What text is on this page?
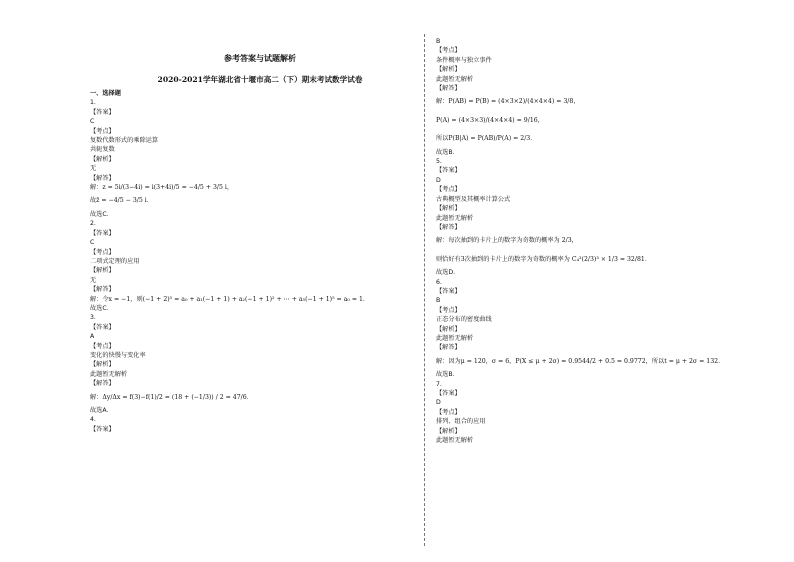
参考答案与试题解析
2020-2021学年湖北省十堰市高二（下）期末考试数学试卷
一、选择题
1.
【答案】
C
【考点】
复数代数形式的乘除运算
共轭复数
【解析】
无
【解答】
解：z = 5i/(3−4i) = i(3+4i)/5 = −4/5 + 3/5 i，
故z̄ = −4/5 − 3/5 i．
故选C．
2.
【答案】
C
【考点】
二项式定理的应用
【解析】
无
【解答】
解：令x = −1，则(−1 + 2)⁵ = a₀ + a₁(−1 + 1) + a₂(−1 + 1)² + ⋯ + a₅(−1 + 1)⁵ = a₀ = 1．
故选C．
3.
【答案】
A
【考点】
变化的快慢与变化率
【解析】
此题暂无解析
【解答】
解：Δy/Δx = f(3)−f(1)/2 = (18 + (−1/3)) / 2 = 47/6．
故选A．
4.
【答案】
B
【考点】
条件概率与独立事件
【解析】
此题暂无解析
【解答】
解：P(AB) = P(B) = (4×3×2)/(4×4×4) = 3/8，
P(A) = (4×3×3)/(4×4×4) = 9/16，
所以P(B|A) = P(AB)/P(A) = 2/3．
故选B．
5.
【答案】
D
【考点】
古典概型及其概率计算公式
【解析】
此题暂无解析
【解答】
解：每次抽到的卡片上的数字为奇数的概率为 2/3，
则恰好有3次抽到的卡片上的数字为奇数的概率为 C₄³(2/3)³ × 1/3 = 32/81．
故选D．
6.
【答案】
B
【考点】
正态分布的密度曲线
【解析】
此题暂无解析
【解答】
解：因为μ = 120，σ = 6，P(X ≤ μ + 2σ) = 0.9544/2 + 0.5 = 0.9772，所以t = μ + 2σ = 132．
故选B．
7.
【答案】
D
【考点】
排列、组合的应用
【解析】
此题暂无解析
